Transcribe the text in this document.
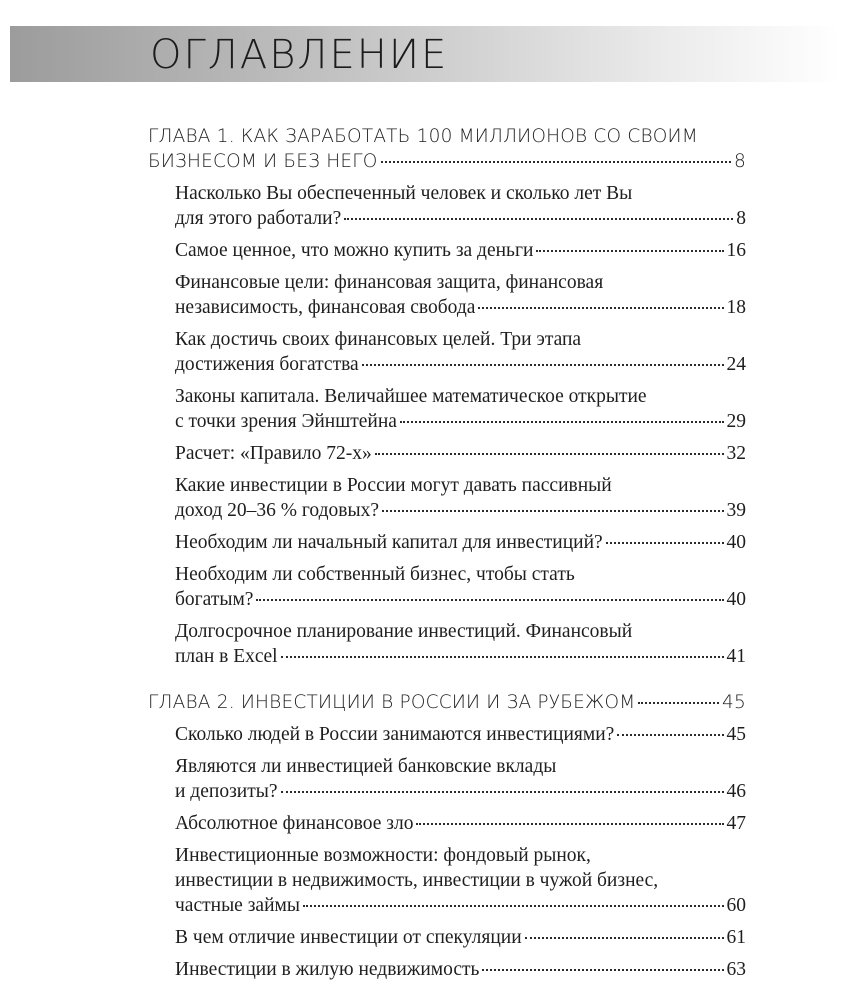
ОГЛАВЛЕНИЕ
ГЛАВА 1. КАК ЗАРАБОТАТЬ 100 МИЛЛИОНОВ СО СВОИМ
БИЗНЕСОМ И БЕЗ НЕГО	8
Насколько Вы обеспеченный человек и сколько лет Вы
для этого работали?	8
Самое ценное, что можно купить за деньги	16
Финансовые цели: финансовая защита, финансовая
независимость, финансовая свобода	18
Как достичь своих финансовых целей. Три этапа
достижения богатства	24
Законы капитала. Величайшее математическое открытие
с точки зрения Эйнштейна	29
Расчет: «Правило 72-х»	32
Какие инвестиции в России могут давать пассивный
доход 20–36 % годовых?	39
Необходим ли начальный капитал для инвестиций?	40
Необходим ли собственный бизнес, чтобы стать
богатым?	40
Долгосрочное планирование инвестиций. Финансовый
план в Excel	41
ГЛАВА 2. ИНВЕСТИЦИИ В РОССИИ И ЗА РУБЕЖОМ	45
Сколько людей в России занимаются инвестициями?	45
Являются ли инвестицией банковские вклады
и депозиты?	46
Абсолютное финансовое зло	47
Инвестиционные возможности: фондовый рынок,
инвестиции в недвижимость, инвестиции в чужой бизнес,
частные займы	60
В чем отличие инвестиции от спекуляции	61
Инвестиции в жилую недвижимость	63
